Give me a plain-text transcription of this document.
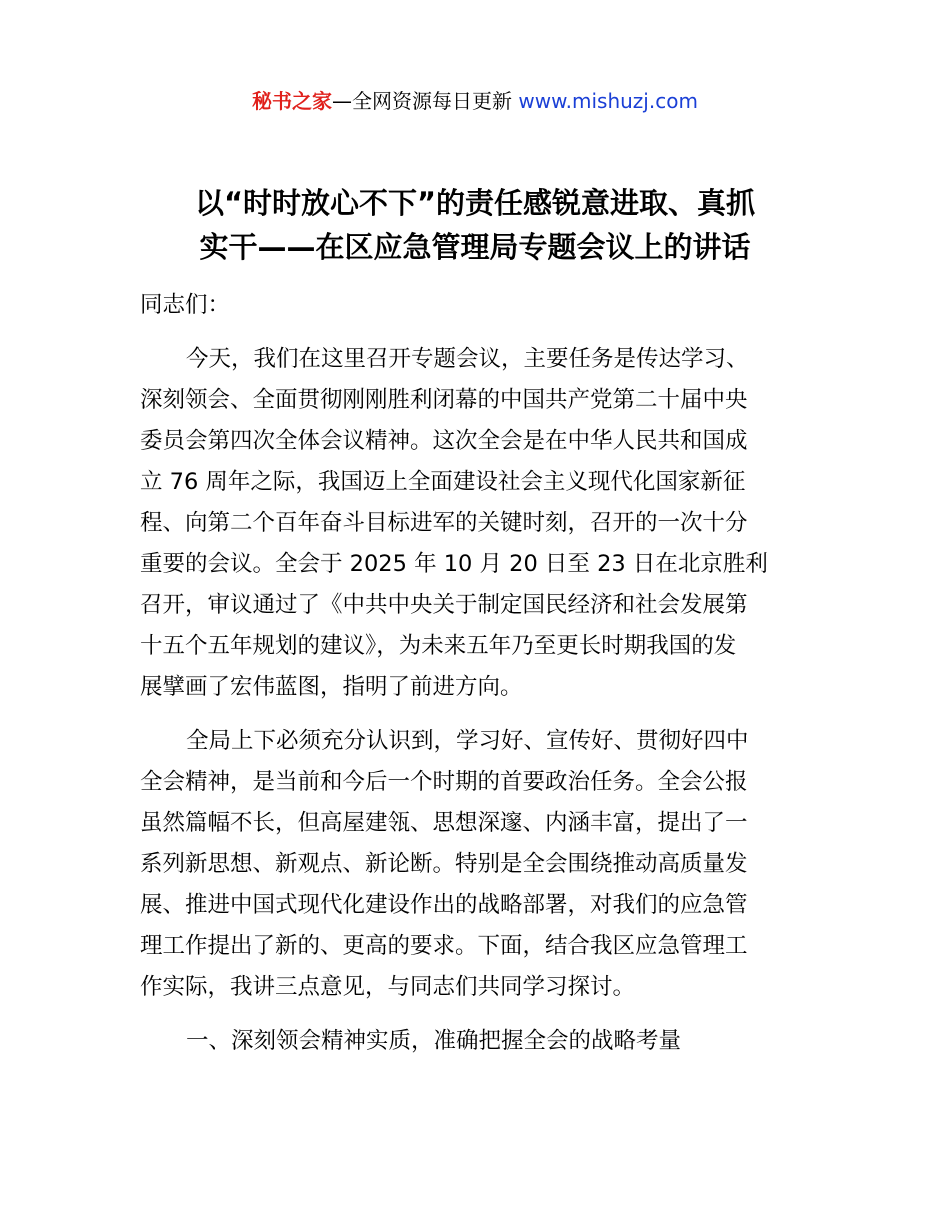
秘书之家—全网资源每日更新 www.mishuzj.com
以“时时放心不下”的责任感锐意进取、真抓
实干——在区应急管理局专题会议上的讲话

同志们：

今天，我们在这里召开专题会议，主要任务是传达学习、
深刻领会、全面贯彻刚刚胜利闭幕的中国共产党第二十届中央
委员会第四次全体会议精神。这次全会是在中华人民共和国成
立 76 周年之际，我国迈上全面建设社会主义现代化国家新征
程、向第二个百年奋斗目标进军的关键时刻，召开的一次十分
重要的会议。全会于 2025 年 10 月 20 日至 23 日在北京胜利
召开，审议通过了《中共中央关于制定国民经济和社会发展第
十五个五年规划的建议》，为未来五年乃至更长时期我国的发
展擘画了宏伟蓝图，指明了前进方向。

全局上下必须充分认识到，学习好、宣传好、贯彻好四中
全会精神，是当前和今后一个时期的首要政治任务。全会公报
虽然篇幅不长，但高屋建瓴、思想深邃、内涵丰富，提出了一
系列新思想、新观点、新论断。特别是全会围绕推动高质量发
展、推进中国式现代化建设作出的战略部署，对我们的应急管
理工作提出了新的、更高的要求。下面，结合我区应急管理工
作实际，我讲三点意见，与同志们共同学习探讨。

一、深刻领会精神实质，准确把握全会的战略考量
